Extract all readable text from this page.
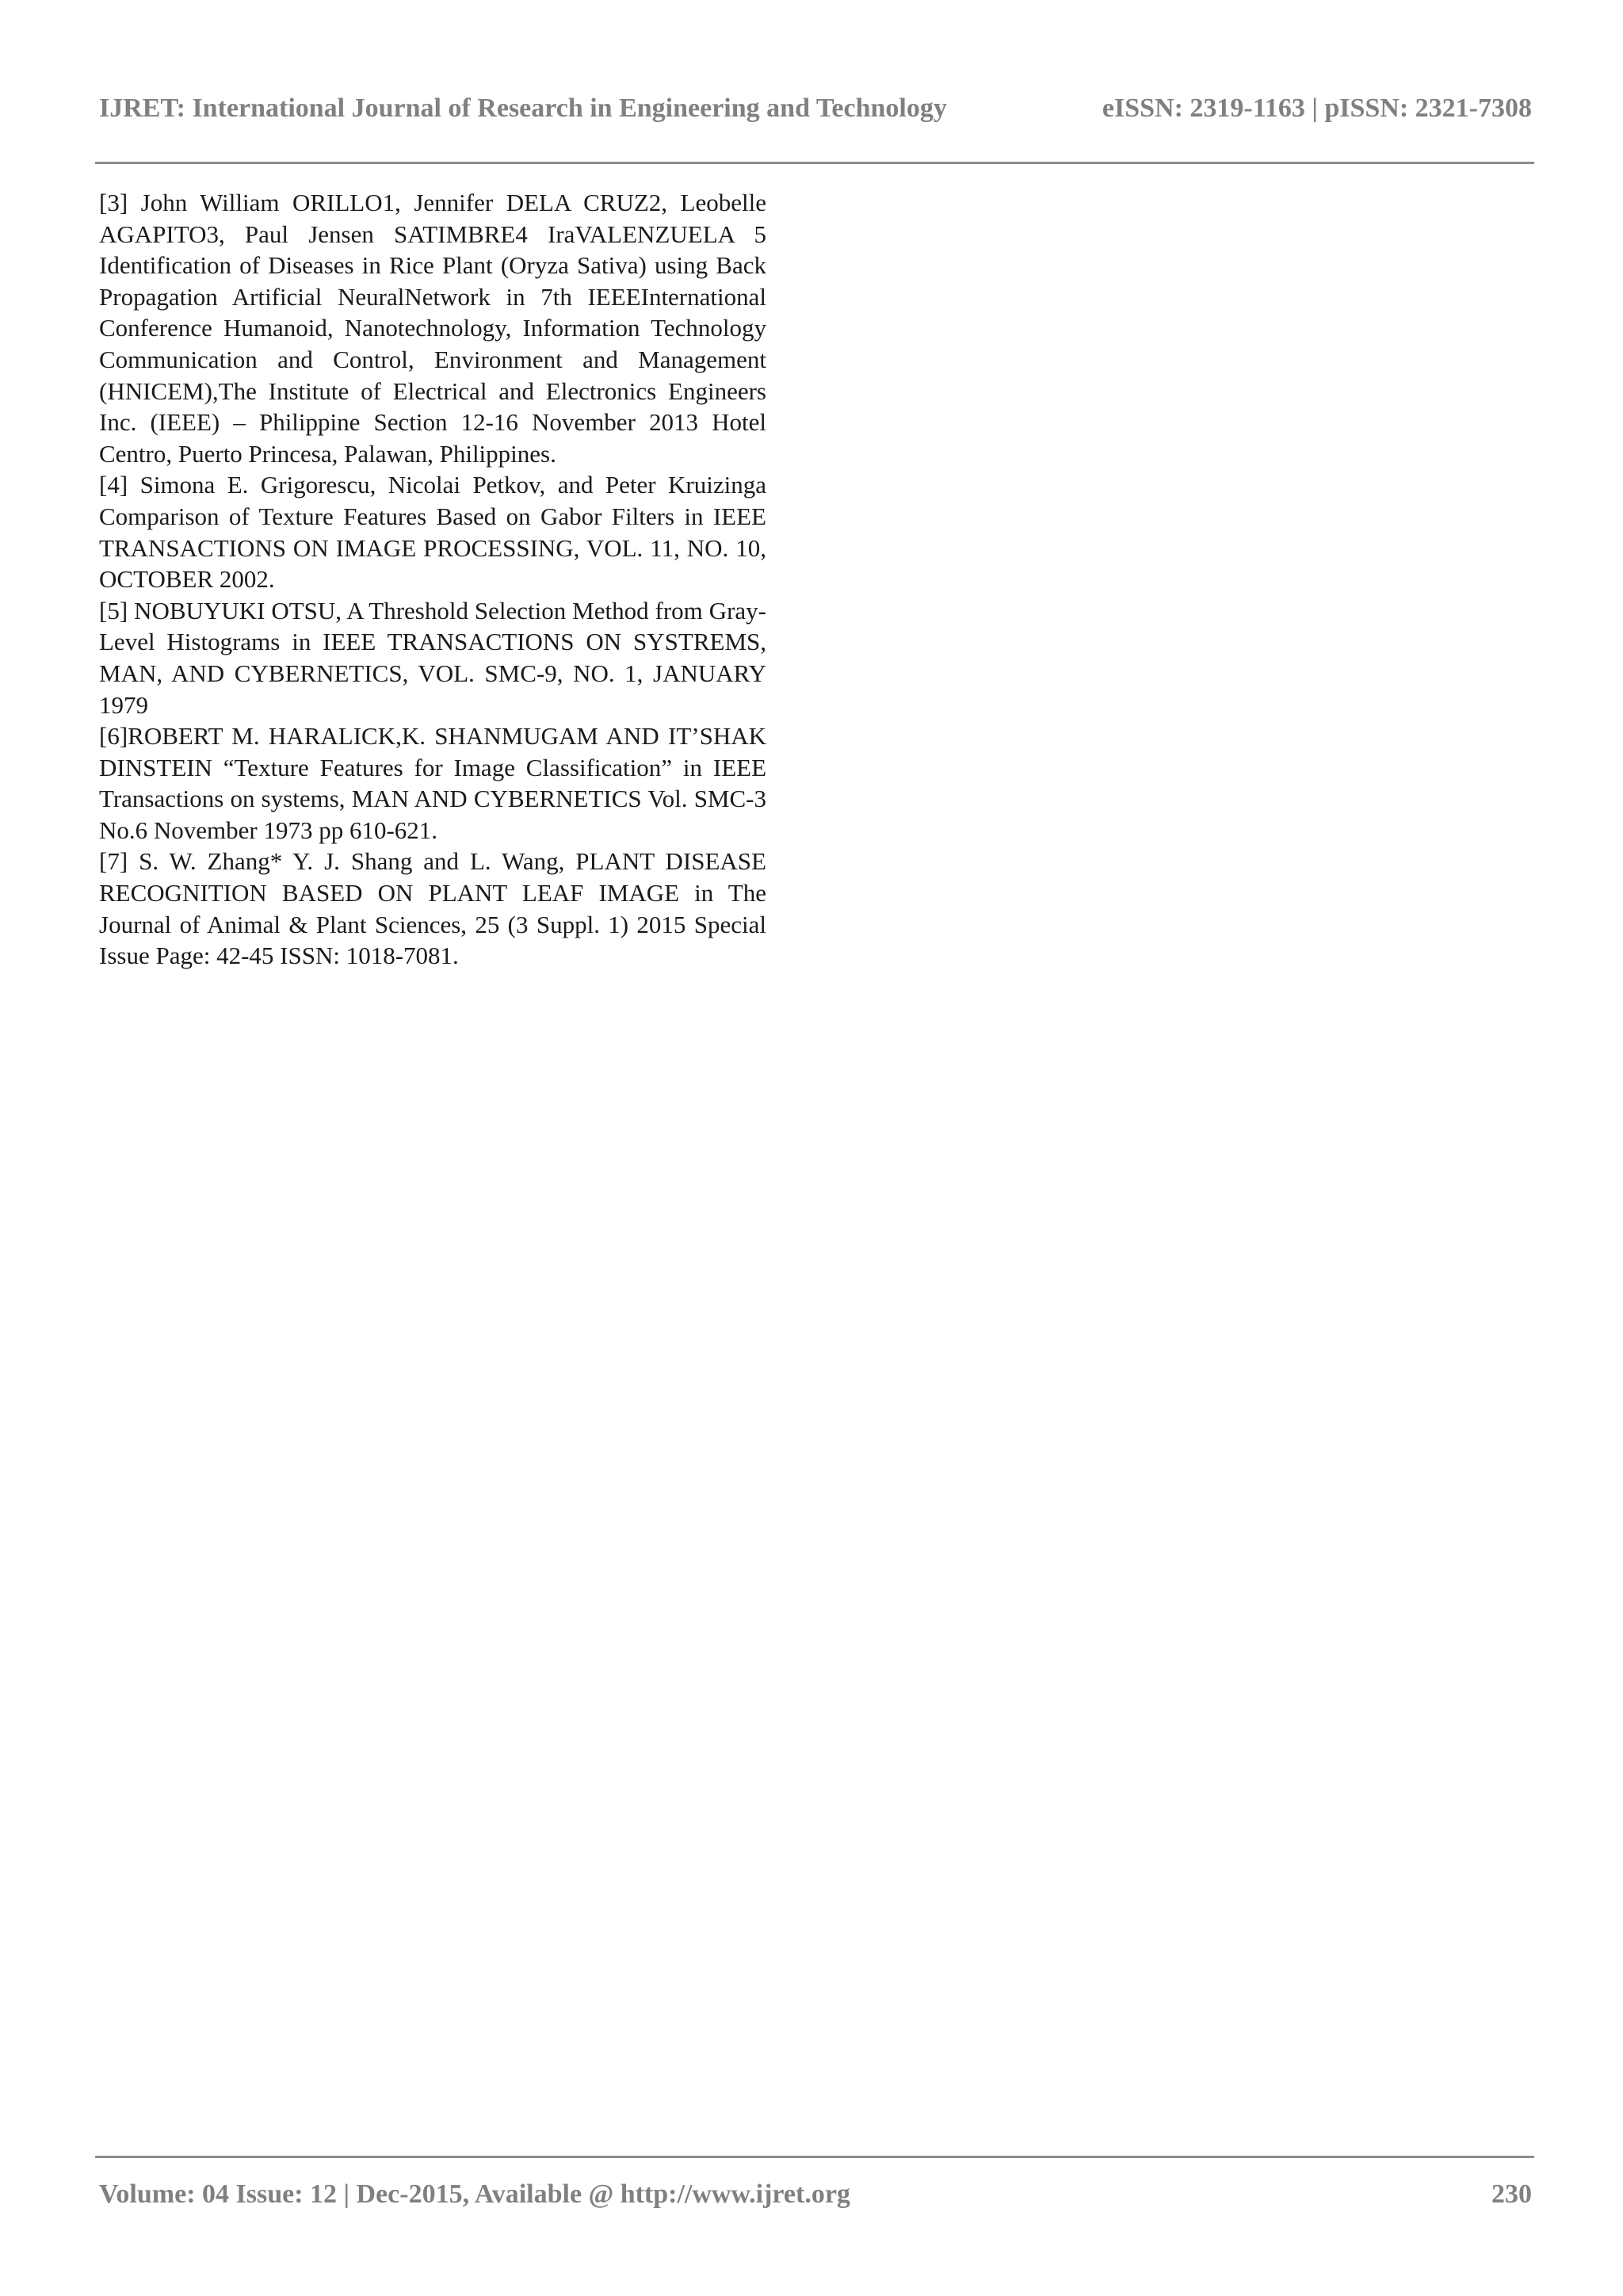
IJRET: International Journal of Research in Engineering and Technology	eISSN: 2319-1163 | pISSN: 2321-7308

[3] John William ORILLO1, Jennifer DELA CRUZ2, Leobelle AGAPITO3, Paul Jensen SATIMBRE4 IraVALENZUELA 5 Identification of Diseases in Rice Plant (Oryza Sativa) using Back Propagation Artificial NeuralNetwork in 7th IEEEInternational Conference Humanoid, Nanotechnology, Information Technology Communication and Control, Environment and Management (HNICEM),The Institute of Electrical and Electronics Engineers Inc. (IEEE) – Philippine Section 12-16 November 2013 Hotel Centro, Puerto Princesa, Palawan, Philippines.

[4] Simona E. Grigorescu, Nicolai Petkov, and Peter Kruizinga Comparison of Texture Features Based on Gabor Filters in IEEE TRANSACTIONS ON IMAGE PROCESSING, VOL. 11, NO. 10, OCTOBER 2002.

[5] NOBUYUKI OTSU, A Threshold Selection Method from Gray-Level Histograms in IEEE TRANSACTIONS ON SYSTREMS, MAN, AND CYBERNETICS, VOL. SMC-9, NO. 1, JANUARY 1979

[6]ROBERT M. HARALICK,K. SHANMUGAM AND IT’SHAK DINSTEIN “Texture Features for Image Classification” in IEEE Transactions on systems, MAN AND CYBERNETICS Vol. SMC-3 No.6 November 1973 pp 610-621.

[7] S. W. Zhang* Y. J. Shang and L. Wang, PLANT DISEASE RECOGNITION BASED ON PLANT LEAF IMAGE in The Journal of Animal & Plant Sciences, 25 (3 Suppl. 1) 2015 Special Issue Page: 42-45 ISSN: 1018-7081.

Volume: 04 Issue: 12 | Dec-2015, Available @ http://www.ijret.org	230
